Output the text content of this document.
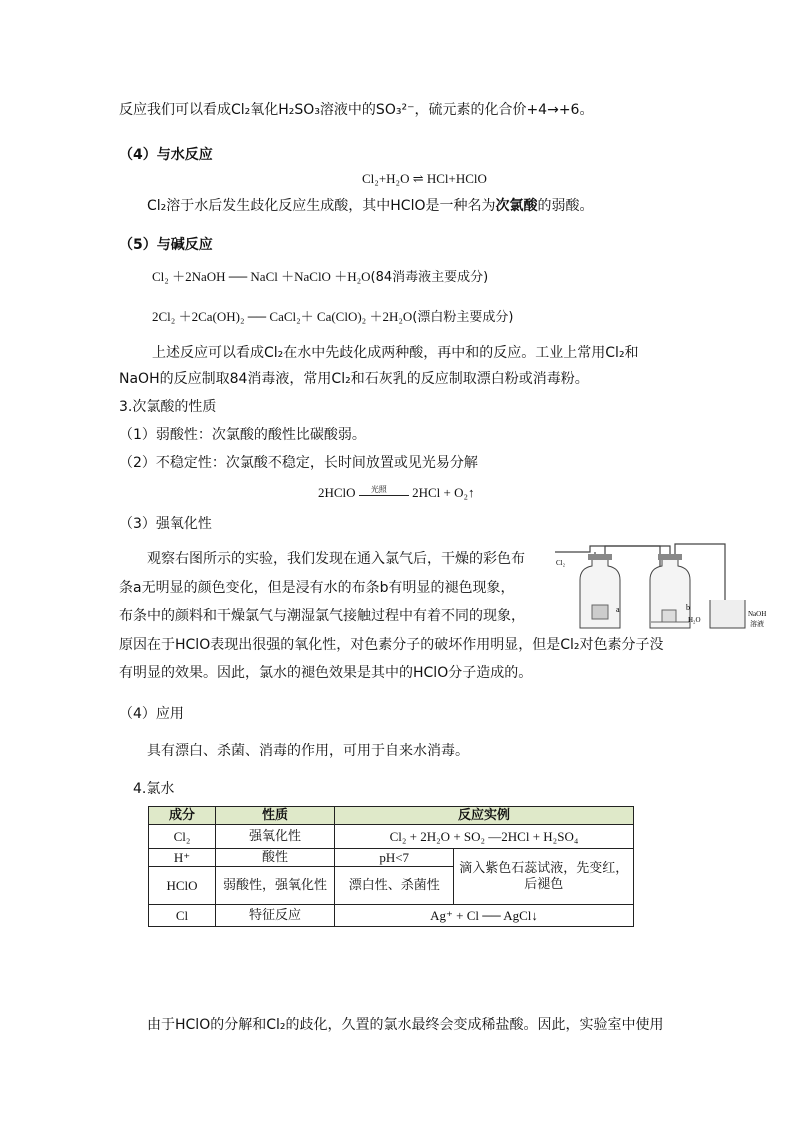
反应我们可以看成Cl₂氧化H₂SO₃溶液中的SO₃²⁻，硫元素的化合价+4→+6。
（4）与水反应
Cl₂+H₂O ⇌ HCl+HClO
Cl₂溶于水后发生歧化反应生成酸，其中HClO是一种名为次氯酸的弱酸。
（5）与碱反应
Cl₂ ＋2NaOH ── NaCl ＋NaClO ＋H₂O(84消毒液主要成分)
2Cl₂ ＋2Ca(OH)₂ ── CaCl₂＋ Ca(ClO)₂ ＋2H₂O(漂白粉主要成分)
上述反应可以看成Cl₂在水中先歧化成两种酸，再中和的反应。工业上常用Cl₂和
NaOH的反应制取84消毒液，常用Cl₂和石灰乳的反应制取漂白粉或消毒粉。
3.次氯酸的性质
（1）弱酸性：次氯酸的酸性比碳酸弱。
（2）不稳定性：次氯酸不稳定，长时间放置或见光易分解
2HClO 光照 2HCl + O₂↑
（3）强氧化性
观察右图所示的实验，我们发现在通入氯气后，干燥的彩色布
条a无明显的颜色变化，但是浸有水的布条b有明显的褪色现象，
布条中的颜料和干燥氯气与潮湿氯气接触过程中有着不同的现象，
原因在于HClO表现出很强的氧化性，对色素分子的破坏作用明显，但是Cl₂对色素分子没
有明显的效果。因此，氯水的褪色效果是其中的HClO分子造成的。
Cl₂
a	b
H₂O
NaOH
溶液
（4）应用
具有漂白、杀菌、消毒的作用，可用于自来水消毒。
4.氯水
成分	性质	反应实例	
Cl₂	强氧化性	Cl₂ + 2H₂O + SO₂ ―2HCl + H₂SO₄	
H⁺	酸性	pH<7	滴入紫色石蕊试液，先变红，后褪色
HClO	弱酸性，强氧化性	漂白性、杀菌性	
Cl	特征反应	Ag⁺ + Cl ── AgCl↓	
由于HClO的分解和Cl₂的歧化，久置的氯水最终会变成稀盐酸。因此，实验室中使用
